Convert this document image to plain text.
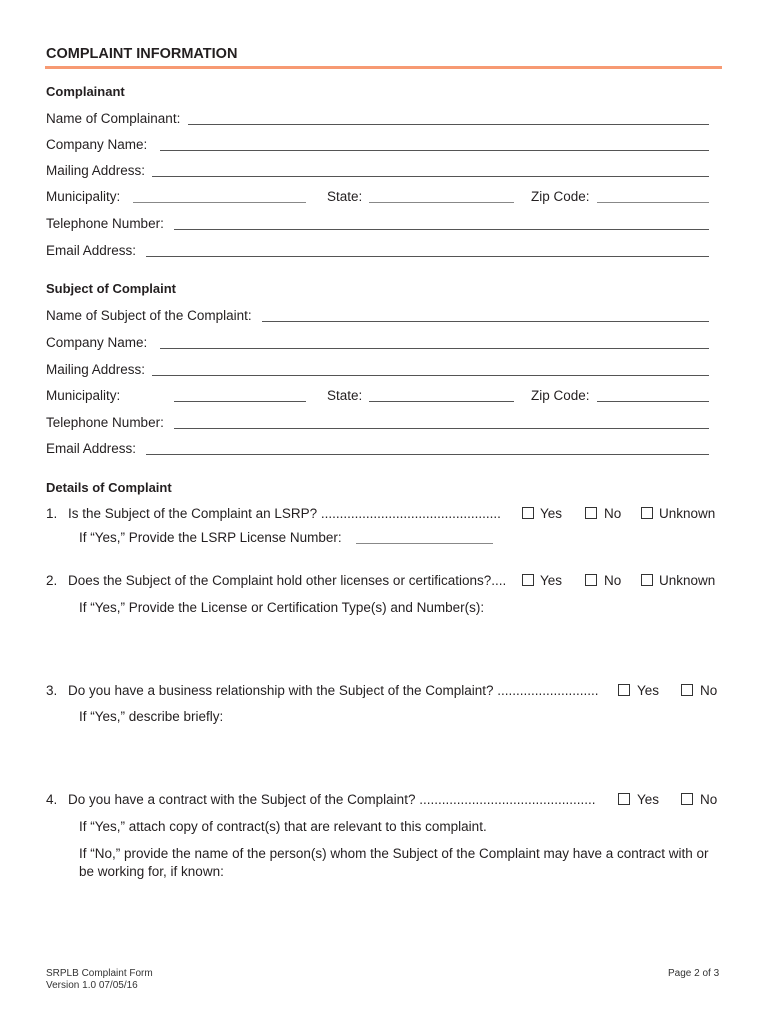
COMPLAINT INFORMATION
Complainant
Name of Complainant:
Company Name:
Mailing Address:
Municipality:	State:	Zip Code:
Telephone Number:
Email Address:
Subject of Complaint
Name of Subject of the Complaint:
Company Name:
Mailing Address:
Municipality:	State:	Zip Code:
Telephone Number:
Email Address:
Details of Complaint
1. Is the Subject of the Complaint an LSRP? ................................................	Yes	No	Unknown
If “Yes,” Provide the LSRP License Number:
2. Does the Subject of the Complaint hold other licenses or certifications?....	Yes	No	Unknown
If “Yes,” Provide the License or Certification Type(s) and Number(s):
3. Do you have a business relationship with the Subject of the Complaint? ...........................	Yes	No
If “Yes,” describe briefly:
4. Do you have a contract with the Subject of the Complaint? ...............................................	Yes	No
If “Yes,” attach copy of contract(s) that are relevant to this complaint.
If “No,” provide the name of the person(s) whom the Subject of the Complaint may have a contract with or
be working for, if known:
SRPLB Complaint Form
Version 1.0 07/05/16
Page 2 of 3
